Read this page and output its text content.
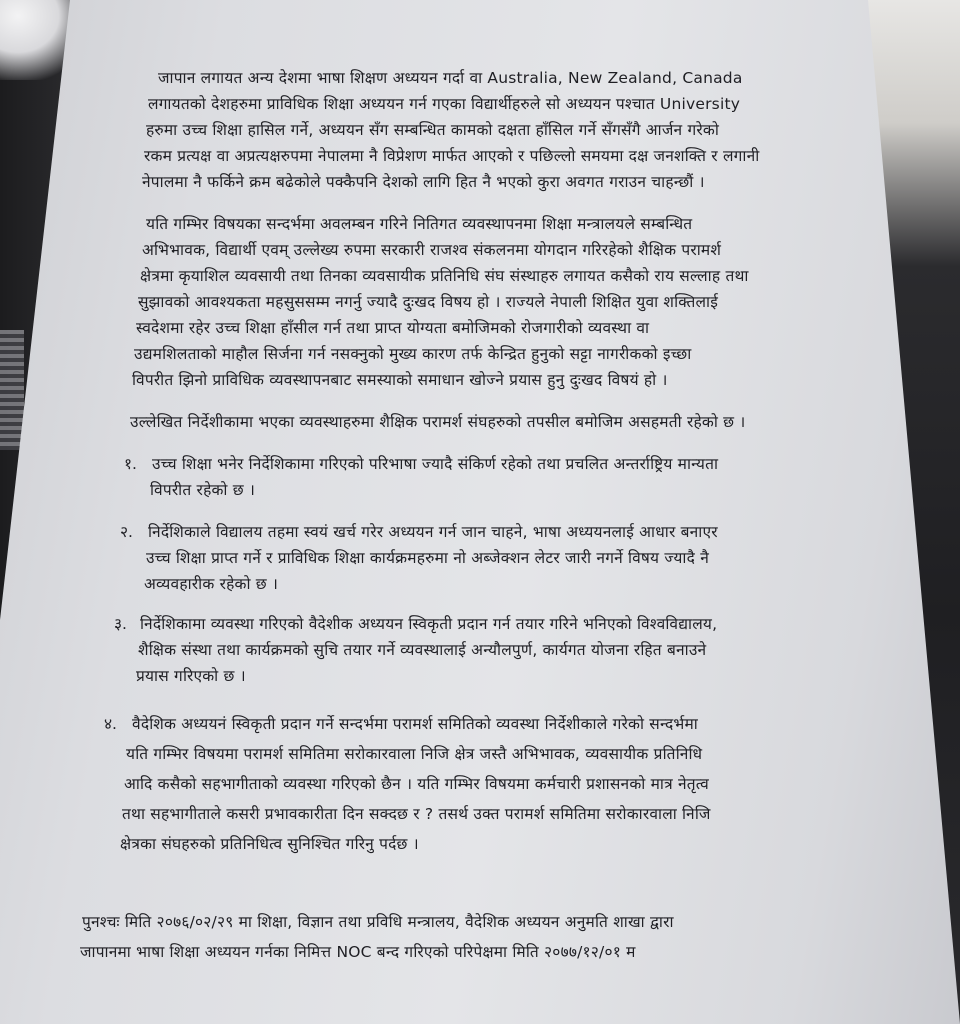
जापान लगायत अन्य देशमा भाषा शिक्षण अध्ययन गर्दा वा Australia, New Zealand, Canada
लगायतको देशहरुमा प्राविधिक शिक्षा अध्ययन गर्न गएका विद्यार्थीहरुले सो अध्ययन पश्चात University
हरुमा उच्च शिक्षा हासिल गर्ने, अध्ययन सँग सम्बन्धित कामको दक्षता हाँसिल गर्ने सँगसँगै आर्जन गरेको
रकम प्रत्यक्ष वा अप्रत्यक्षरुपमा नेपालमा नै विप्रेशण मार्फत आएको र पछिल्लो समयमा दक्ष जनशक्ति र लगानी
नेपालमा नै फर्किने क्रम बढेकोले पक्कैपनि देशको लागि हित नै भएको कुरा अवगत गराउन चाहन्छौं ।
यति गम्भिर विषयका सन्दर्भमा अवलम्बन गरिने नितिगत व्यवस्थापनमा शिक्षा मन्त्रालयले सम्बन्धित
अभिभावक, विद्यार्थी एवम् उल्लेख्य रुपमा सरकारी राजश्व संकलनमा योगदान गरिरहेको शैक्षिक परामर्श
क्षेत्रमा कृयाशिल व्यवसायी तथा तिनका व्यवसायीक प्रतिनिधि संघ संस्थाहरु लगायत कसैको राय सल्लाह तथा
सुझावको आवश्यकता महसुससम्म नगर्नु ज्यादै दुःखद विषय हो । राज्यले नेपाली शिक्षित युवा शक्तिलाई
स्वदेशमा रहेर उच्च शिक्षा हाँसील गर्न तथा प्राप्त योग्यता बमोजिमको रोजगारीको व्यवस्था वा
उद्यमशिलताको माहौल सिर्जना गर्न नसक्नुको मुख्य कारण तर्फ केन्द्रित हुनुको सट्टा नागरीकको इच्छा
विपरीत झिनो प्राविधिक व्यवस्थापनबाट समस्याको समाधान खोज्ने प्रयास हुनु दुःखद विषयं हो ।
उल्लेखित निर्देशीकामा भएका व्यवस्थाहरुमा शैक्षिक परामर्श संघहरुको तपसील बमोजिम असहमती रहेको छ ।
१. उच्च शिक्षा भनेर निर्देशिकामा गरिएको परिभाषा ज्यादै संकिर्ण रहेको तथा प्रचलित अन्तर्राष्ट्रिय मान्यता
विपरीत रहेको छ ।
२. निर्देशिकाले विद्यालय तहमा स्वयं खर्च गरेर अध्ययन गर्न जान चाहने, भाषा अध्ययनलाई आधार बनाएर
उच्च शिक्षा प्राप्त गर्ने र प्राविधिक शिक्षा कार्यक्रमहरुमा नो अब्जेक्शन लेटर जारी नगर्ने विषय ज्यादै नै
अव्यवहारीक रहेको छ ।
३. निर्देशिकामा व्यवस्था गरिएको वैदेशीक अध्ययन स्विकृती प्रदान गर्न तयार गरिने भनिएको विश्वविद्यालय,
शैक्षिक संस्था तथा कार्यक्रमको सुचि तयार गर्ने व्यवस्थालाई अन्यौलपुर्ण, कार्यगत योजना रहित बनाउने
प्रयास गरिएको छ ।
४. वैदेशिक अध्ययनं स्विकृती प्रदान गर्ने सन्दर्भमा परामर्श समितिको व्यवस्था निर्देशीकाले गरेको सन्दर्भमा
यति गम्भिर विषयमा परामर्श समितिमा सरोकारवाला निजि क्षेत्र जस्तै अभिभावक, व्यवसायीक प्रतिनिधि
आदि कसैको सहभागीताको व्यवस्था गरिएको छैन । यति गम्भिर विषयमा कर्मचारी प्रशासनको मात्र नेतृत्व
तथा सहभागीताले कसरी प्रभावकारीता दिन सक्दछ र ? तसर्थ उक्त परामर्श समितिमा सरोकारवाला निजि
क्षेत्रका संघहरुको प्रतिनिधित्व सुनिश्चित गरिनु पर्दछ ।
पुनश्चः मिति २०७६/०२/२९ मा शिक्षा, विज्ञान तथा प्रविधि मन्त्रालय, वैदेशिक अध्ययन अनुमति शाखा द्वारा
जापानमा भाषा शिक्षा अध्ययन गर्नका निमित्त NOC बन्द गरिएको परिपेक्षमा मिति २०७७/१२/०१ म
